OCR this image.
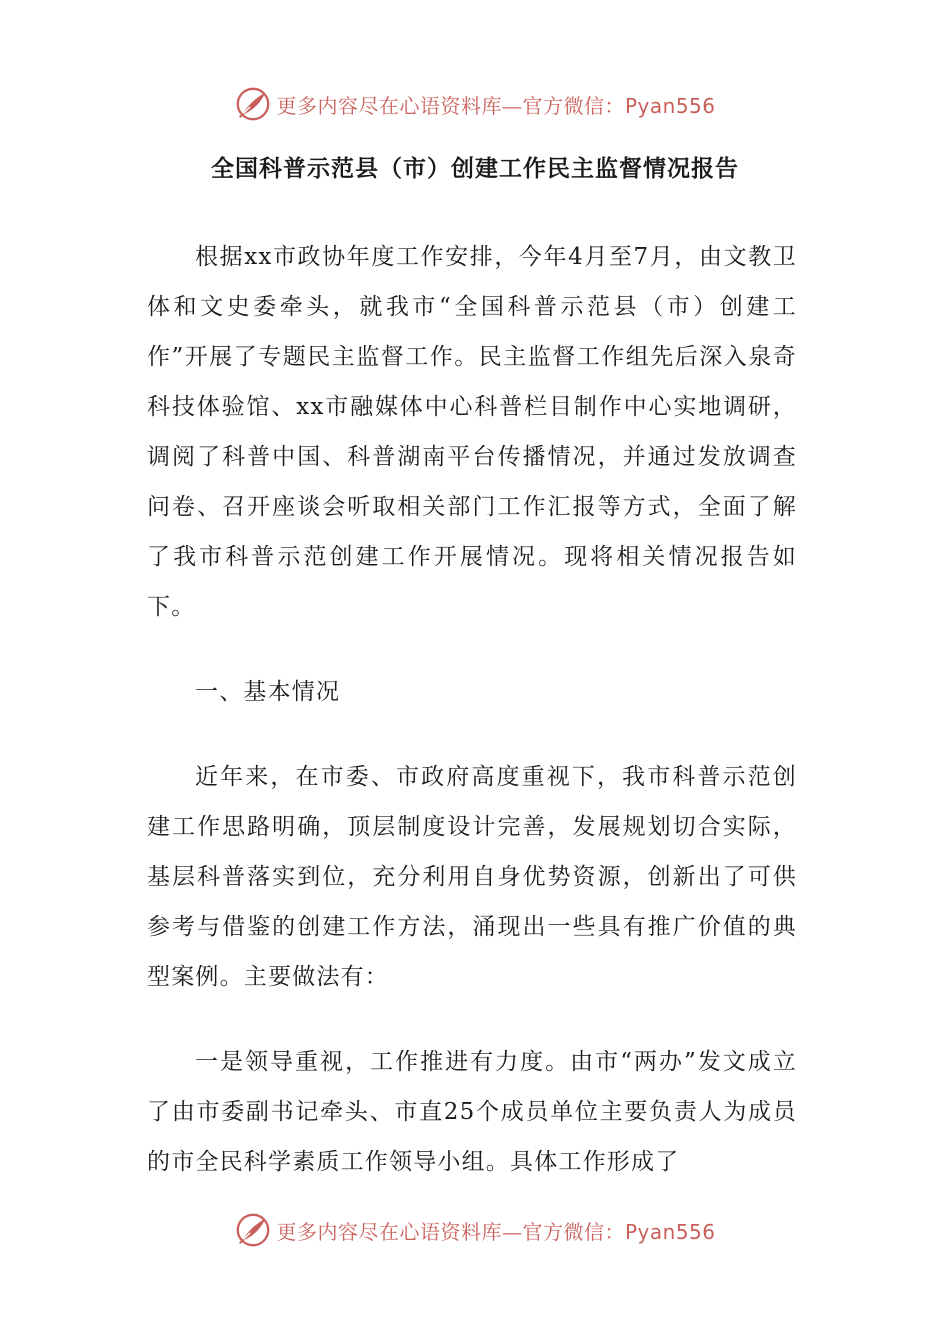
更多内容尽在心语资料库—官方微信：Pyan556
全国科普示范县（市）创建工作民主监督情况报告

根据xx市政协年度工作安排，今年4月至7月，由文教卫体和文史委牵头，就我市“全国科普示范县（市）创建工作”开展了专题民主监督工作。民主监督工作组先后深入泉奇科技体验馆、xx市融媒体中心科普栏目制作中心实地调研，调阅了科普中国、科普湖南平台传播情况，并通过发放调查问卷、召开座谈会听取相关部门工作汇报等方式，全面了解了我市科普示范创建工作开展情况。现将相关情况报告如下。

一、基本情况

近年来，在市委、市政府高度重视下，我市科普示范创建工作思路明确，顶层制度设计完善，发展规划切合实际，基层科普落实到位，充分利用自身优势资源，创新出了可供参考与借鉴的创建工作方法，涌现出一些具有推广价值的典型案例。主要做法有：

一是领导重视，工作推进有力度。由市“两办”发文成立了由市委副书记牵头、市直25个成员单位主要负责人为成员的市全民科学素质工作领导小组。具体工作形成了

更多内容尽在心语资料库—官方微信：Pyan556
